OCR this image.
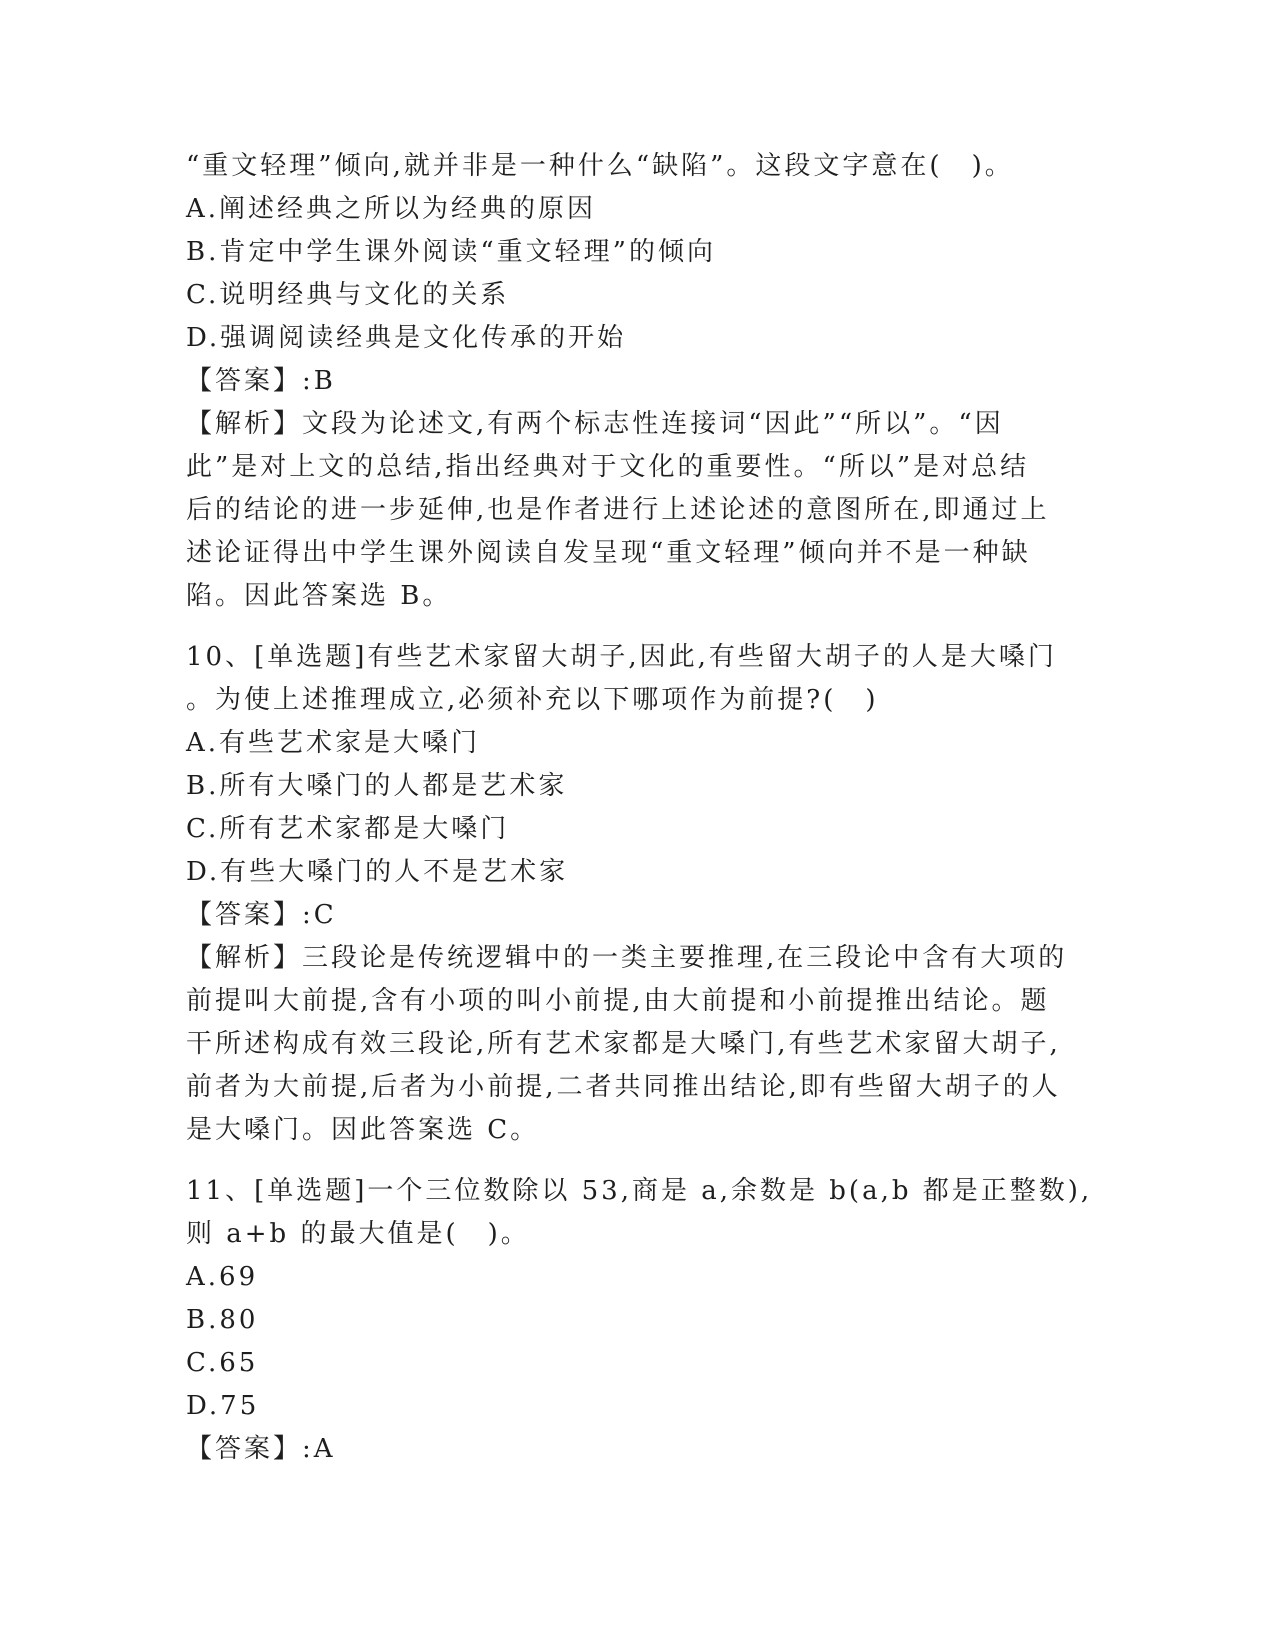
“重文轻理”倾向,就并非是一种什么“缺陷”。这段文字意在(　)。
A.阐述经典之所以为经典的原因
B.肯定中学生课外阅读“重文轻理”的倾向
C.说明经典与文化的关系
D.强调阅读经典是文化传承的开始
【答案】:B
【解析】文段为论述文,有两个标志性连接词“因此”“所以”。“因
此”是对上文的总结,指出经典对于文化的重要性。“所以”是对总结
后的结论的进一步延伸,也是作者进行上述论述的意图所在,即通过上
述论证得出中学生课外阅读自发呈现“重文轻理”倾向并不是一种缺
陷。因此答案选 B。
10、[单选题]有些艺术家留大胡子,因此,有些留大胡子的人是大嗓门
。为使上述推理成立,必须补充以下哪项作为前提?(　)
A.有些艺术家是大嗓门
B.所有大嗓门的人都是艺术家
C.所有艺术家都是大嗓门
D.有些大嗓门的人不是艺术家
【答案】:C
【解析】三段论是传统逻辑中的一类主要推理,在三段论中含有大项的
前提叫大前提,含有小项的叫小前提,由大前提和小前提推出结论。题
干所述构成有效三段论,所有艺术家都是大嗓门,有些艺术家留大胡子,
前者为大前提,后者为小前提,二者共同推出结论,即有些留大胡子的人
是大嗓门。因此答案选 C。
11、[单选题]一个三位数除以 53,商是 a,余数是 b(a,b 都是正整数),
则 a+b 的最大值是(　)。
A.69
B.80
C.65
D.75
【答案】:A
